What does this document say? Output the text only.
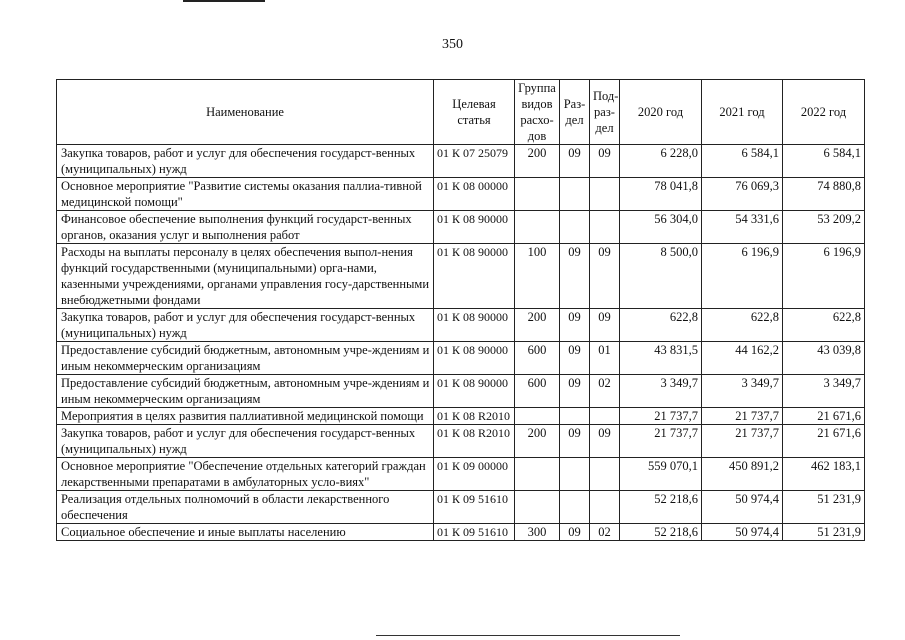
350
Наименование	Целевая статья	Группа видов расхо-дов	Раз-дел	Под-раз-дел	2020 год	2021 год	2022 год
Закупка товаров, работ и услуг для обеспечения государст-венных (муниципальных) нужд	01 К 07 25079	200	09	09	6 228,0	6 584,1	6 584,1
Основное мероприятие "Развитие системы оказания паллиа-тивной медицинской помощи"	01 К 08 00000				78 041,8	76 069,3	74 880,8
Финансовое обеспечение выполнения функций государст-венных органов, оказания услуг и выполнения работ	01 К 08 90000				56 304,0	54 331,6	53 209,2
Расходы на выплаты персоналу в целях обеспечения выпол-нения функций государственными (муниципальными) орга-нами, казенными учреждениями, органами управления госу-дарственными внебюджетными фондами	01 К 08 90000	100	09	09	8 500,0	6 196,9	6 196,9
Закупка товаров, работ и услуг для обеспечения государст-венных (муниципальных) нужд	01 К 08 90000	200	09	09	622,8	622,8	622,8
Предоставление субсидий бюджетным, автономным учре-ждениям и иным некоммерческим организациям	01 К 08 90000	600	09	01	43 831,5	44 162,2	43 039,8
Предоставление субсидий бюджетным, автономным учре-ждениям и иным некоммерческим организациям	01 К 08 90000	600	09	02	3 349,7	3 349,7	3 349,7
Мероприятия в целях развития паллиативной медицинской помощи	01 К 08 R2010				21 737,7	21 737,7	21 671,6
Закупка товаров, работ и услуг для обеспечения государст-венных (муниципальных) нужд	01 К 08 R2010	200	09	09	21 737,7	21 737,7	21 671,6
Основное мероприятие "Обеспечение отдельных категорий граждан лекарственными препаратами в амбулаторных усло-виях"	01 К 09 00000				559 070,1	450 891,2	462 183,1
Реализация отдельных полномочий в области лекарственного обеспечения	01 К 09 51610				52 218,6	50 974,4	51 231,9
Социальное обеспечение и иные выплаты населению	01 К 09 51610	300	09	02	52 218,6	50 974,4	51 231,9
